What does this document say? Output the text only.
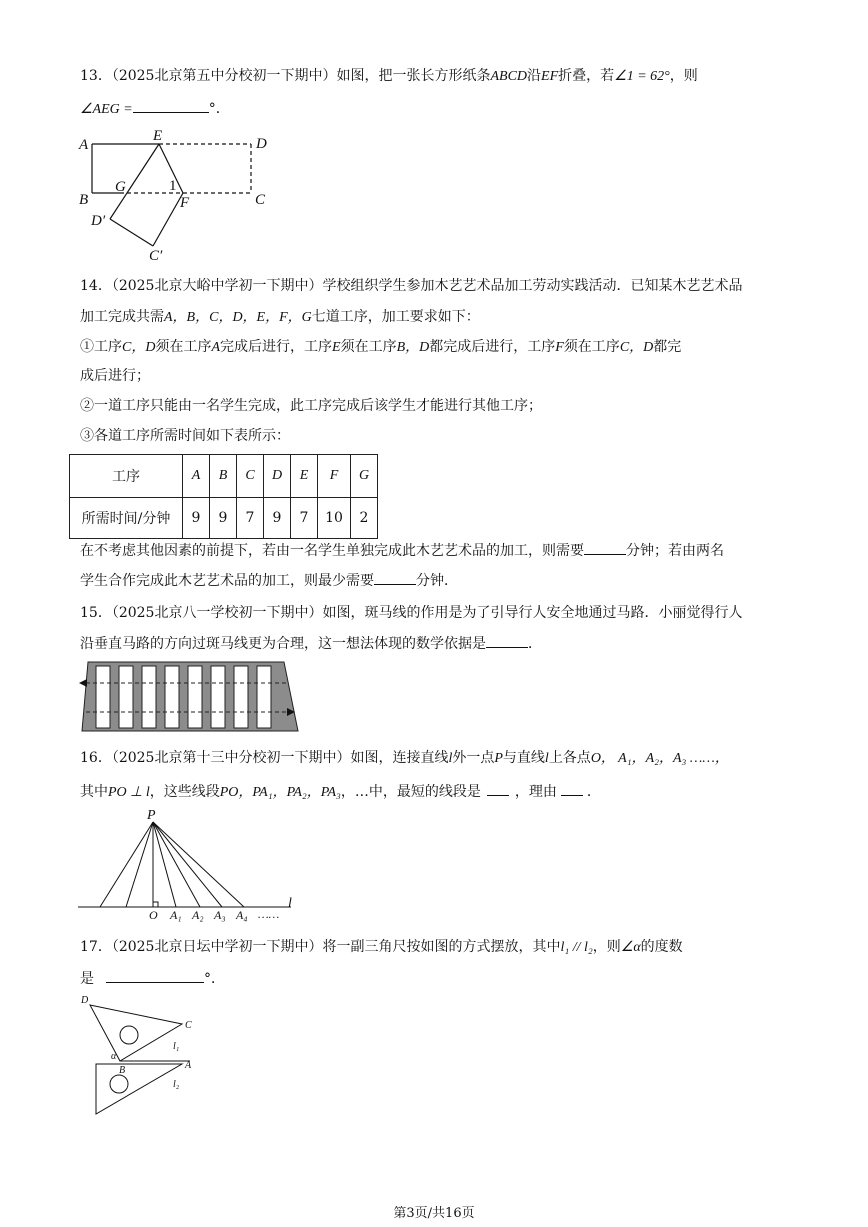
13．（2025北京第五中分校初一下期中）如图，把一张长方形纸条ABCD沿EF折叠，若∠1 = 62°，则
∠AEG =	°．
A
E	D
B
G	1
F	C
D′
C′
14．（2025北京大峪中学初一下期中）学校组织学生参加木艺艺术品加工劳动实践活动．已知某木艺艺术品
加工完成共需A，B，C，D，E，F，G七道工序，加工要求如下：
①工序C，D须在工序A完成后进行，工序E须在工序B，D都完成后进行，工序F须在工序C，D都完
成后进行；
②一道工序只能由一名学生完成，此工序完成后该学生才能进行其他工序；
③各道工序所需时间如下表所示：
工序	A	B	C	D	E	F	G
所需时间/分钟	9	9	7	9	7	10	2
在不考虑其他因素的前提下，若由一名学生单独完成此木艺艺术品的加工，则需要	分钟；若由两名
学生合作完成此木艺艺术品的加工，则最少需要	分钟．
15．（2025北京八一学校初一下期中）如图，斑马线的作用是为了引导行人安全地通过马路．小丽觉得行人
沿垂直马路的方向过斑马线更为合理，这一想法体现的数学依据是	．
16．（2025北京第十三中分校初一下期中）如图，连接直线l外一点P与直线l上各点O， A₁，A₂，A₃ ……，
其中PO ⊥ l，这些线段PO，PA₁，PA₂，PA₃，…中，最短的线段是 ，理由 ．
P
O A₁ A₂ A₃ A₄ ……
l
17．（2025北京日坛中学初一下期中）将一副三角尺按如图的方式摆放，其中l₁ // l₂，则∠α的度数
是	°．
D
C
l₁
α
B	A
l₂
第3页/共16页
